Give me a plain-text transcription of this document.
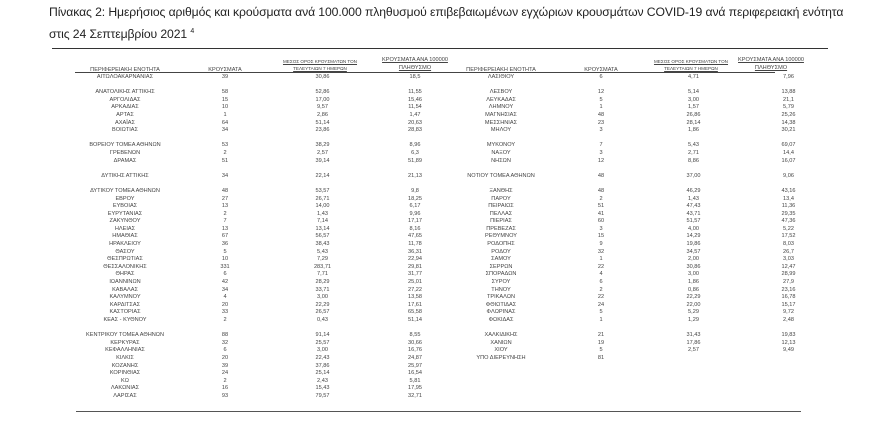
Πίνακας 2: Ημερήσιος αριθμός και κρούσματα ανά 100.000 πληθυσμού επιβεβαιωμένων εγχώριων κρουσμάτων COVID-19 ανά περιφερειακή ενότητα στις 24 Σεπτεμβρίου 2021 $^4$
ΠΕΡΙΦΕΡΕΙΑΚΗ ΕΝΟΤΗΤΑ	ΚΡΟΥΣΜΑΤΑ
ΜΕΣΟΣ ΟΡΟΣ ΚΡΟΥΣΜΑΤΩΝ ΤΟΝ ΤΕΛΕΥΤΑΙΩΝ 7 ΗΜΕΡΩΝ
ΚΡΟΥΣΜΑΤΑ ΑΝΑ 100000 ΠΛΗΘΥΣΜΟ
ΑΙΤΩΛΟΑΚΑΡΝΑΝΙΑΣ	39	30,86	18,5
ΑΝΑΤΟΛΙΚΗΣ ΑΤΤΙΚΗΣ	58	52,86	11,55
ΑΡΓΟΛΙΔΑΣ	15	17,00	15,46
ΑΡΚΑΔΙΑΣ	10	9,57	11,54
ΑΡΤΑΣ	1	2,86	1,47
ΑΧΑΪΑΣ	64	51,14	20,63
ΒΟΙΩΤΙΑΣ	34	23,86	28,83
ΒΟΡΕΙΟΥ ΤΟΜΕΑ ΑΘΗΝΩΝ	53	38,29	8,96
ΓΡΕΒΕΝΩΝ	2	2,57	6,3
ΔΡΑΜΑΣ	51	39,14	51,89
ΔΥΤΙΚΗΣ ΑΤΤΙΚΗΣ	34	22,14	21,13
ΔΥΤΙΚΟΥ ΤΟΜΕΑ ΑΘΗΝΩΝ	48	53,57	9,8
ΕΒΡΟΥ	27	26,71	18,25
ΕΥΒΟΙΑΣ	13	14,00	6,17
ΕΥΡΥΤΑΝΙΑΣ	2	1,43	9,96
ΖΑΚΥΝΘΟΥ	7	7,14	17,17
ΗΛΕΙΑΣ	13	13,14	8,16
ΗΜΑΘΙΑΣ	67	56,57	47,65
ΗΡΑΚΛΕΙΟΥ	36	38,43	11,78
ΘΑΣΟΥ	5	5,43	36,31
ΘΕΣΠΡΩΤΙΑΣ	10	7,29	22,94
ΘΕΣΣΑΛΟΝΙΚΗΣ	331	283,71	29,81
ΘΗΡΑΣ	6	7,71	31,77
ΙΩΑΝΝΙΝΩΝ	42	28,29	25,01
ΚΑΒΑΛΑΣ	34	33,71	27,22
ΚΑΛΥΜΝΟΥ	4	3,00	13,58
ΚΑΡΔΙΤΣΑΣ	20	22,29	17,61
ΚΑΣΤΟΡΙΑΣ	33	26,57	65,58
ΚΕΑΣ - ΚΥΘΝΟΥ	2	0,43	51,14
ΚΕΝΤΡΙΚΟΥ ΤΟΜΕΑ ΑΘΗΝΩΝ	88	91,14	8,55
ΚΕΡΚΥΡΑΣ	32	25,57	30,66
ΚΕΦΑΛΛΗΝΙΑΣ	6	3,00	16,76
ΚΙΛΚΙΣ	20	22,43	24,87
ΚΟΖΑΝΗΣ	39	37,86	25,97
ΚΟΡΙΝΘΙΑΣ	24	25,14	16,54
ΚΩ	2	2,43	5,81
ΛΑΚΩΝΙΑΣ	16	15,43	17,95
ΛΑΡΙΣΑΣ	93	79,57	32,71
ΠΕΡΙΦΕΡΕΙΑΚΗ ΕΝΟΤΗΤΑ	ΚΡΟΥΣΜΑΤΑ
ΜΕΣΟΣ ΟΡΟΣ ΚΡΟΥΣΜΑΤΩΝ ΤΟΝ ΤΕΛΕΥΤΑΙΩΝ 7 ΗΜΕΡΩΝ
ΚΡΟΥΣΜΑΤΑ ΑΝΑ 100000 ΠΛΗΘΥΣΜΟ
ΛΑΣΙΘΙΟΥ	6	4,71	7,96
ΛΕΣΒΟΥ	12	5,14	13,88
ΛΕΥΚΑΔΑΣ	5	3,00	21,1
ΛΗΜΝΟΥ	1	1,57	5,79
ΜΑΓΝΗΣΙΑΣ	48	26,86	25,26
ΜΕΣΣΗΝΙΑΣ	23	28,14	14,38
ΜΗΛΟΥ	3	1,86	30,21
ΜΥΚΟΝΟΥ	7	5,43	69,07
ΝΑΞΟΥ	3	2,71	14,4
ΝΗΣΩΝ	12	8,86	16,07
ΝΟΤΙΟΥ ΤΟΜΕΑ ΑΘΗΝΩΝ	48	37,00	9,06
ΞΑΝΘΗΣ	48	46,29	43,16
ΠΑΡΟΥ	2	1,43	13,4
ΠΕΙΡΑΙΩΣ	51	47,43	11,36
ΠΕΛΛΑΣ	41	43,71	29,35
ΠΙΕΡΙΑΣ	60	51,57	47,36
ΠΡΕΒΕΖΑΣ	3	4,00	5,22
ΡΕΘΥΜΝΟΥ	15	14,29	17,52
ΡΟΔΟΠΗΣ	9	19,86	8,03
ΡΟΔΟΥ	32	34,57	26,7
ΣΑΜΟΥ	1	2,00	3,03
ΣΕΡΡΩΝ	22	30,86	12,47
ΣΠΟΡΑΔΩΝ	4	3,00	28,99
ΣΥΡΟΥ	6	1,86	27,9
ΤΗΝΟΥ	2	0,86	23,16
ΤΡΙΚΑΛΩΝ	22	22,29	16,78
ΦΘΙΩΤΙΔΑΣ	24	22,00	15,17
ΦΛΩΡΙΝΑΣ	5	5,29	9,72
ΦΩΚΙΔΑΣ	1	1,29	2,48
ΧΑΛΚΙΔΙΚΗΣ	21	31,43	19,83
ΧΑΝΙΩΝ	19	17,86	12,13
ΧΙΟΥ	5	2,57	9,49
ΥΠΟ ΔΙΕΡΕΥΝΗΣΗ	81
